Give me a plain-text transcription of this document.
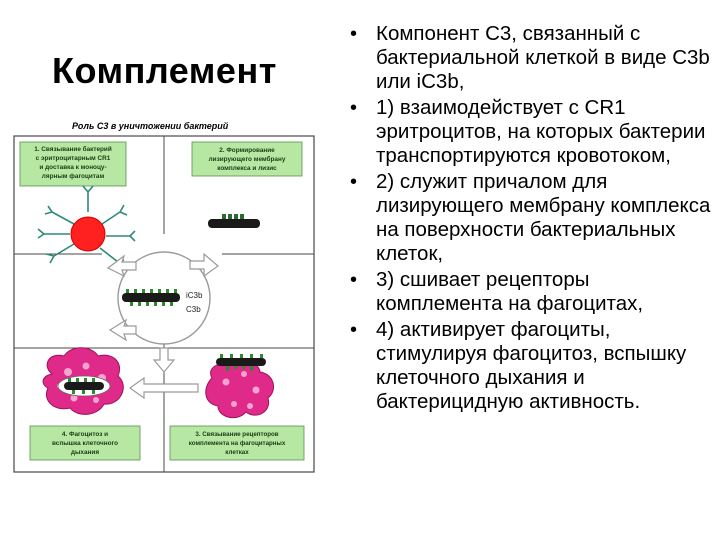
Комплемент
Роль С3 в уничтожении бактерий
1. Связывание бактерий
с эритроцитарным CR1
и доставка к моноцу-
лярным фагоцитам
2. Формирование
лизирующего мембрану
комплекса и лизис
4. Фагоцитоз и
вспышка клеточного
дыхания
3. Связывание рецепторов
комплемента на фагоцитарных
клетках
iC3b
C3b
• Компонент С3, связанный с бактериальной клеткой в виде С3b или iC3b,
• 1) взаимодействует с CR1 эритроцитов, на которых бактерии транспортируются кровотоком,
• 2) служит причалом для лизирующего мембрану комплекса на поверхности бактериальных клеток,
• 3) сшивает рецепторы комплемента на фагоцитах,
• 4) активирует фагоциты, стимулируя фагоцитоз, вспышку клеточного дыхания и бактерицидную активность.
